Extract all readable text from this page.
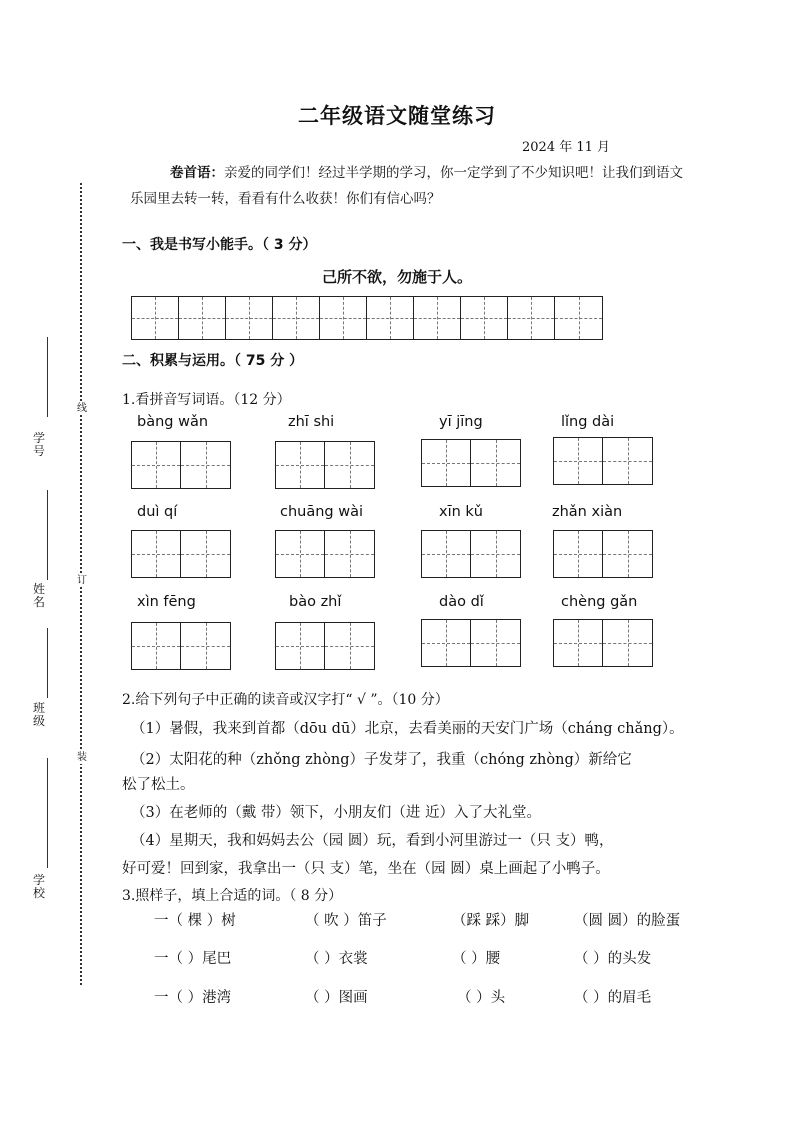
二年级语文随堂练习
2024 年 11 月
卷首语：亲爱的同学们！经过半学期的学习，你一定学到了不少知识吧！让我们到语文乐园里去转一转，看看有什么收获！你们有信心吗？
学号
姓名
班级
学校
线
订
装
一、我是书写小能手。（ 3 分）
己所不欲，勿施于人。
二、积累与运用。（ 75 分 ）
1.看拼音写词语。（12 分）
bàng wǎn	zhī shi	yī jīng	lǐng dài
duì qí	chuāng wài	xīn kǔ	zhǎn xiàn
xìn fēng	bào zhǐ	dào dǐ	chèng gǎn
2.给下列句子中正确的读音或汉字打“ √ ”。（10 分）
（1）暑假，我来到首都（dōu dū）北京，去看美丽的天安门广场（cháng chǎng）。
（2）太阳花的种（zhǒng zhòng）子发芽了，我重（chóng zhòng）新给它
松了松土。
（3）在老师的（戴 带）领下，小朋友们（进 近）入了大礼堂。
（4）星期天，我和妈妈去公（园 圆）玩，看到小河里游过一（只 支）鸭，
好可爱！回到家，我拿出一（只 支）笔，坐在（园 圆）桌上画起了小鸭子。
3.照样子，填上合适的词。（ 8 分）
一（ 棵 ）树	（ 吹 ）笛子	（踩 踩）脚	（圆 圆）的脸蛋
一（ ）尾巴	（ ）衣裳	（ ）腰	（ ）的头发
一（ ）港湾	（ ）图画	（ ）头	（ ）的眉毛
